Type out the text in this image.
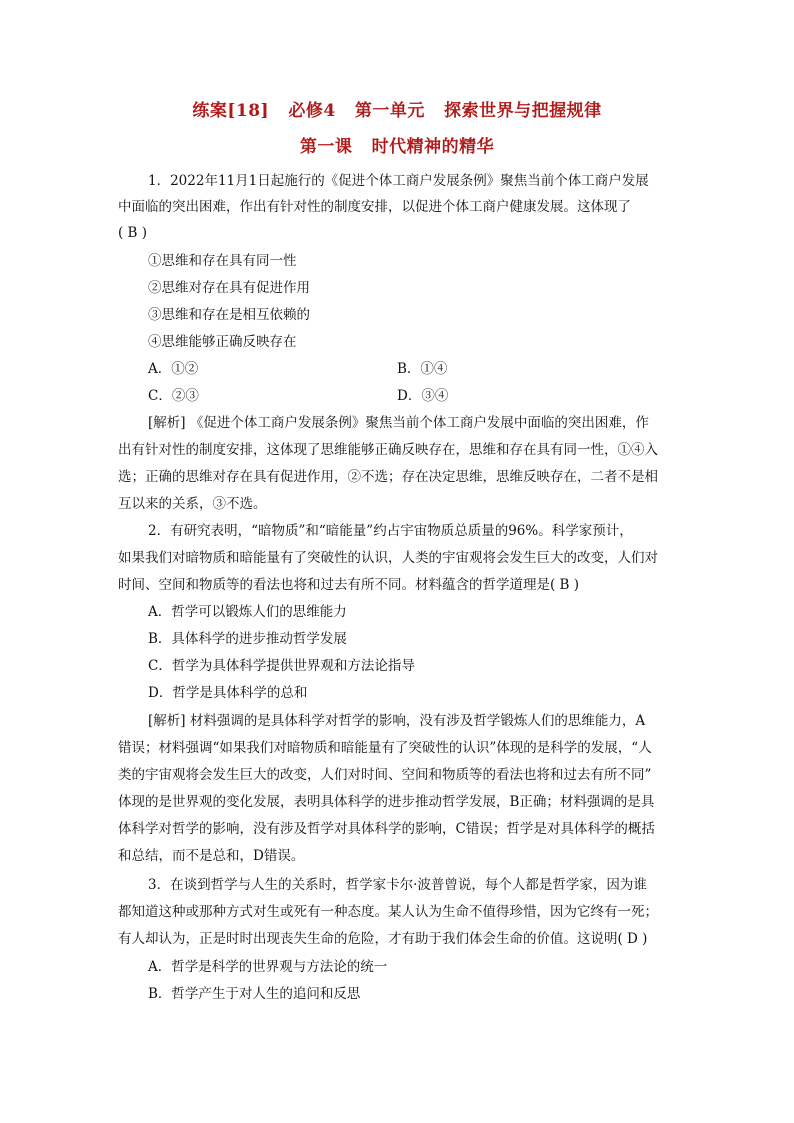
练案[18]   必修4   第一单元   探索世界与把握规律
第一课   时代精神的精华
1．2022年11月1日起施行的《促进个体工商户发展条例》聚焦当前个体工商户发展
中面临的突出困难，作出有针对性的制度安排，以促进个体工商户健康发展。这体现了
( B )
①思维和存在具有同一性
②思维对存在具有促进作用
③思维和存在是相互依赖的
④思维能够正确反映存在
A．①②	B．①④
C．②③	D．③④
[解析] 《促进个体工商户发展条例》聚焦当前个体工商户发展中面临的突出困难，作
出有针对性的制度安排，这体现了思维能够正确反映存在，思维和存在具有同一性，①④入
选；正确的思维对存在具有促进作用，②不选；存在决定思维，思维反映存在，二者不是相
互以来的关系，③不选。
2．有研究表明，“暗物质”和“暗能量”约占宇宙物质总质量的96%。科学家预计，
如果我们对暗物质和暗能量有了突破性的认识，人类的宇宙观将会发生巨大的改变，人们对
时间、空间和物质等的看法也将和过去有所不同。材料蕴含的哲学道理是( B )
A．哲学可以锻炼人们的思维能力
B．具体科学的进步推动哲学发展
C．哲学为具体科学提供世界观和方法论指导
D．哲学是具体科学的总和
[解析] 材料强调的是具体科学对哲学的影响，没有涉及哲学锻炼人们的思维能力，A
错误；材料强调“如果我们对暗物质和暗能量有了突破性的认识”体现的是科学的发展，“人
类的宇宙观将会发生巨大的改变，人们对时间、空间和物质等的看法也将和过去有所不同”
体现的是世界观的变化发展，表明具体科学的进步推动哲学发展，B正确；材料强调的是具
体科学对哲学的影响，没有涉及哲学对具体科学的影响，C错误；哲学是对具体科学的概括
和总结，而不是总和，D错误。
3．在谈到哲学与人生的关系时，哲学家卡尔·波普曾说，每个人都是哲学家，因为谁
都知道这种或那种方式对生或死有一种态度。某人认为生命不值得珍惜，因为它终有一死；
有人却认为，正是时时出现丧失生命的危险，才有助于我们体会生命的价值。这说明( D )
A．哲学是科学的世界观与方法论的统一
B．哲学产生于对人生的追问和反思
